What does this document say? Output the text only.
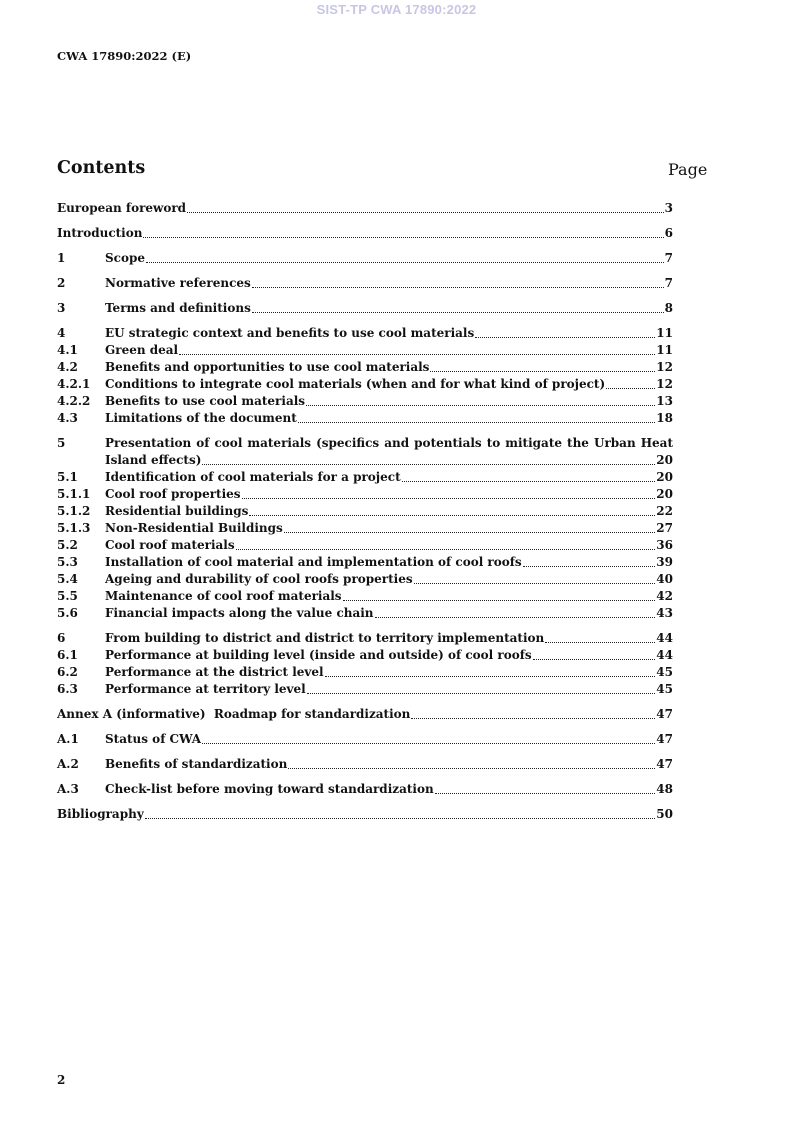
SIST-TP CWA 17890:2022
CWA 17890:2022 (E)
Contents	Page
European foreword	3
Introduction	6
1	Scope	7
2	Normative references	7
3	Terms and definitions	8
4	EU strategic context and benefits to use cool materials	11
4.1	Green deal	11
4.2	Benefits and opportunities to use cool materials	12
4.2.1	Conditions to integrate cool materials (when and for what kind of project)	12
4.2.2	Benefits to use cool materials	13
4.3	Limitations of the document	18
5	Presentation of cool materials (specifics and potentials to mitigate the Urban Heat
Island effects)	20
5.1	Identification of cool materials for a project	20
5.1.1	Cool roof properties	20
5.1.2	Residential buildings	22
5.1.3	Non-Residential Buildings	27
5.2	Cool roof materials	36
5.3	Installation of cool material and implementation of cool roofs	39
5.4	Ageing and durability of cool roofs properties	40
5.5	Maintenance of cool roof materials	42
5.6	Financial impacts along the value chain	43
6	From building to district and district to territory implementation	44
6.1	Performance at building level (inside and outside) of cool roofs	44
6.2	Performance at the district level	45
6.3	Performance at territory level	45
Annex A (informative)  Roadmap for standardization	47
A.1	Status of CWA	47
A.2	Benefits of standardization	47
A.3	Check-list before moving toward standardization	48
Bibliography	50
2
